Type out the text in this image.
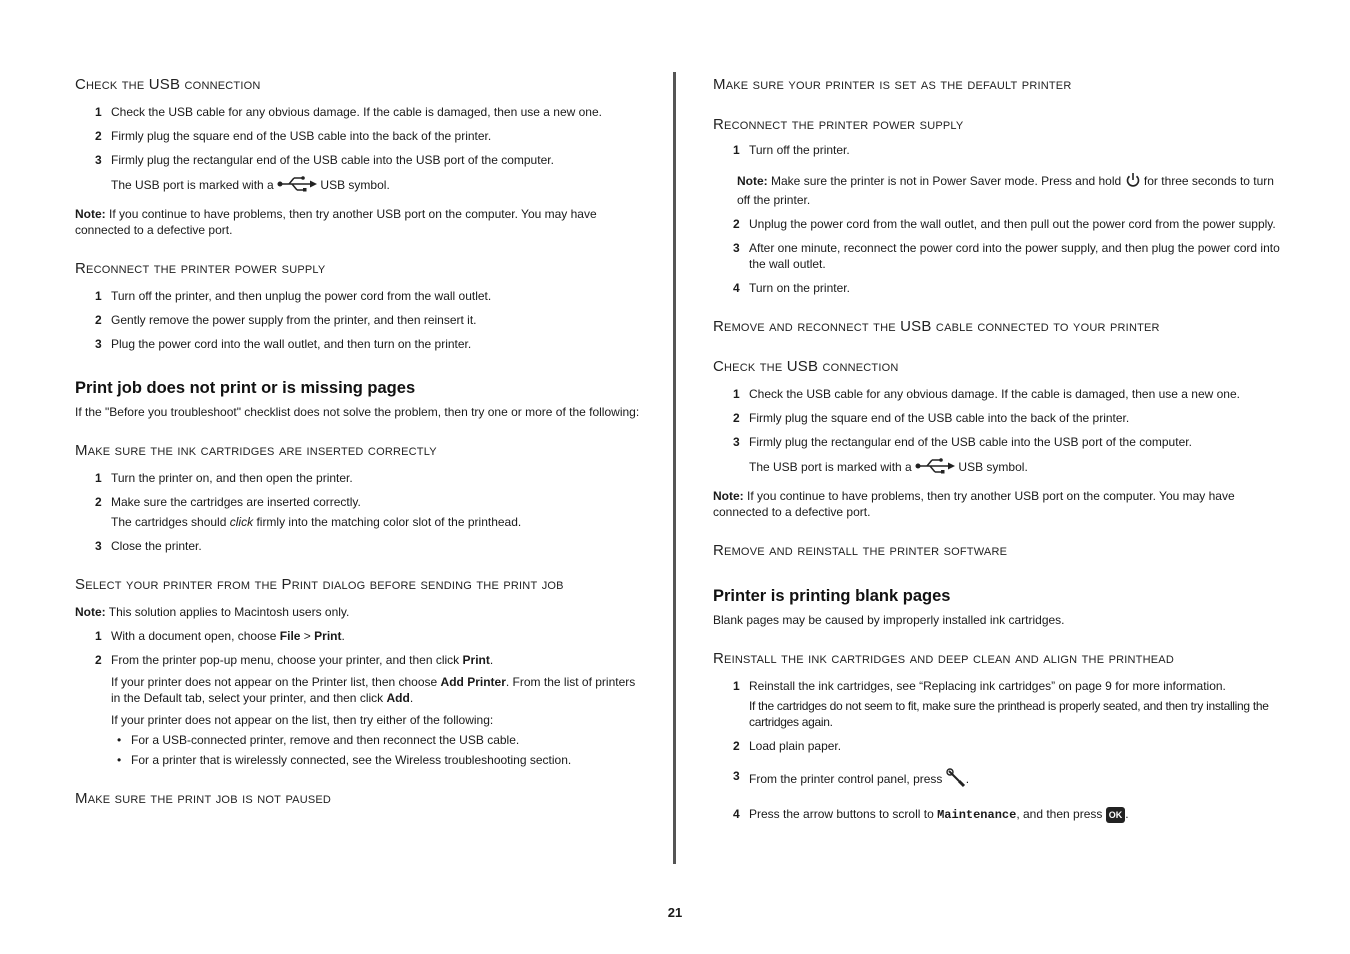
Check the USB connection
1 Check the USB cable for any obvious damage. If the cable is damaged, then use a new one.
2 Firmly plug the square end of the USB cable into the back of the printer.
3 Firmly plug the rectangular end of the USB cable into the USB port of the computer.

The USB port is marked with a	USB symbol.

Note: If you continue to have problems, then try another USB port on the computer. You may have connected to a defective port.

Reconnect the printer power supply
1 Turn off the printer, and then unplug the power cord from the wall outlet.
2 Gently remove the power supply from the printer, and then reinsert it.
3 Plug the power cord into the wall outlet, and then turn on the printer.
Print job does not print or is missing pages

If the "Before you troubleshoot" checklist does not solve the problem, then try one or more of the following:

Make sure the ink cartridges are inserted correctly
1 Turn the printer on, and then open the printer.
2 Make sure the cartridges are inserted correctly.

The cartridges should click firmly into the matching color slot of the printhead.

3 Close the printer.
Select your printer from the Print dialog before sending the print job

Note: This solution applies to Macintosh users only.

1 With a document open, choose File > Print.
2 From the printer pop-up menu, choose your printer, and then click Print.

If your printer does not appear on the Printer list, then choose Add Printer. From the list of printers in the Default tab, select your printer, and then click Add.

If your printer does not appear on the list, then try either of the following:

• For a USB-connected printer, remove and then reconnect the USB cable.
• For a printer that is wirelessly connected, see the Wireless troubleshooting section.
Make sure the print job is not paused
Make sure your printer is set as the default printer
Reconnect the printer power supply
1 Turn off the printer.

Note: Make sure the printer is not in Power Saver mode. Press and hold for three seconds to turn off the printer.

2 Unplug the power cord from the wall outlet, and then pull out the power cord from the power supply.
3 After one minute, reconnect the power cord into the power supply, and then plug the power cord into the wall outlet.
4 Turn on the printer.
Remove and reconnect the USB cable connected to your printer
Check the USB connection
1 Check the USB cable for any obvious damage. If the cable is damaged, then use a new one.
2 Firmly plug the square end of the USB cable into the back of the printer.
3 Firmly plug the rectangular end of the USB cable into the USB port of the computer.

The USB port is marked with a	USB symbol.

Note: If you continue to have problems, then try another USB port on the computer. You may have connected to a defective port.

Remove and reinstall the printer software
Printer is printing blank pages

Blank pages may be caused by improperly installed ink cartridges.

Reinstall the ink cartridges and deep clean and align the printhead
1 Reinstall the ink cartridges, see “Replacing ink cartridges” on page 9 for more information.

If the cartridges do not seem to fit, make sure the printhead is properly seated, and then try installing the cartridges again.

2 Load plain paper.
3 From the printer control panel, press .
4 Press the arrow buttons to scroll to Maintenance, and then press OK .
21
